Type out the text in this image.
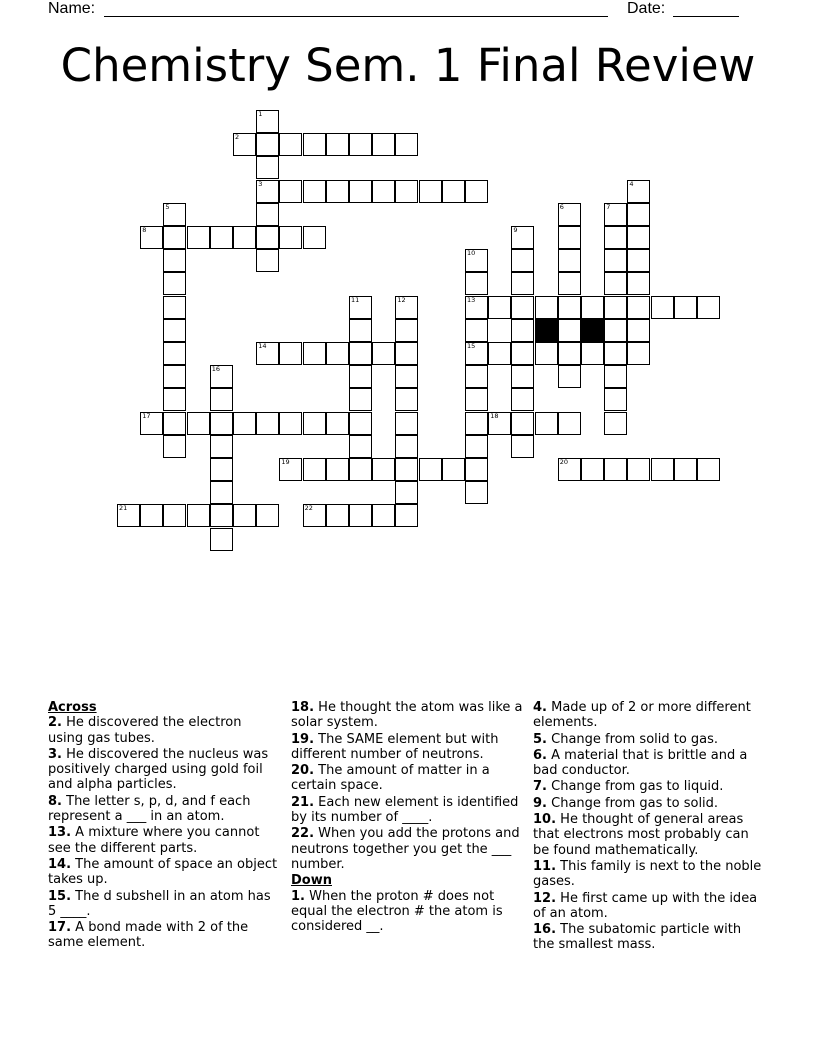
Name:	Date:
Chemistry Sem. 1 Final Review
1
3
2
4
5	6	7
8	9
10
13
15
11	12
14
16
17	18
19	20
21	22
Across
2. He discovered the electron using gas tubes.
3. He discovered the nucleus was positively charged using gold foil and alpha particles.
8. The letter s, p, d, and f each represent a ___ in an atom.
13. A mixture where you cannot see the different parts.
14. The amount of space an object takes up.
15. The d subshell in an atom has 5 ____.
17. A bond made with 2 of the same element.
18. He thought the atom was like a solar system.
19. The SAME element but with different number of neutrons.
20. The amount of matter in a certain space.
21. Each new element is identified by its number of ____.
22. When you add the protons and neutrons together you get the ___ number.
Down
1. When the proton # does not equal the electron # the atom is considered __.
4. Made up of 2 or more different elements.
5. Change from solid to gas.
6. A material that is brittle and a bad conductor.
7. Change from gas to liquid.
9. Change from gas to solid.
10. He thought of general areas that electrons most probably can be found mathematically.
11. This family is next to the noble gases.
12. He first came up with the idea of an atom.
16. The subatomic particle with the smallest mass.
